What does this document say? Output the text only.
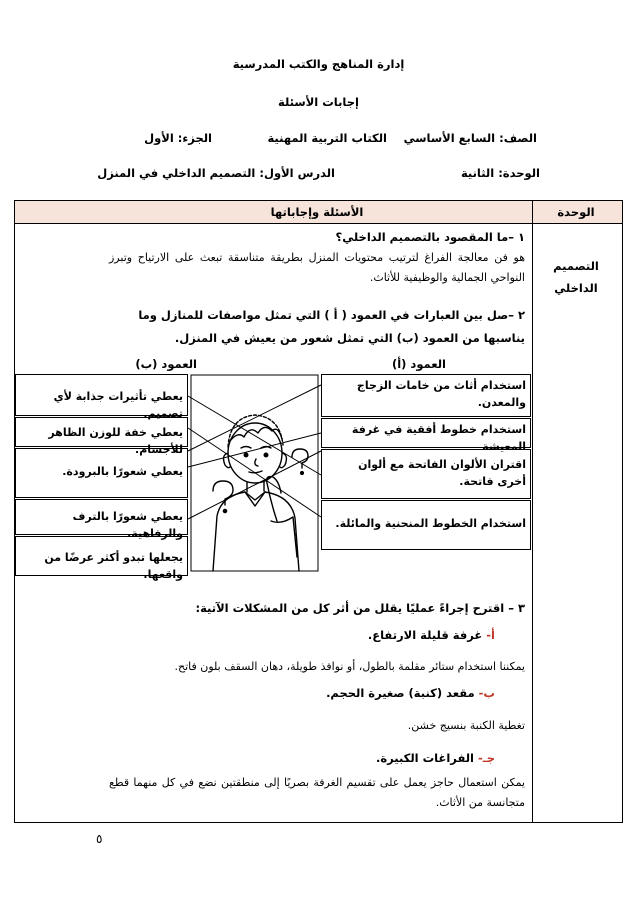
إدارة المناهج والكتب المدرسية
إجابات الأسئلة
الصف: السابع الأساسي
الكتاب التربية المهنية
الجزء: الأول
الوحدة: الثانية
الدرس الأول: التصميم الداخلي في المنزل
الوحدة
الأسئلة وإجاباتها
التصميم الداخلي
١ –ما المقصود بالتصميم الداخلي؟
هو فن معالجة الفراغ لترتيب محتويات المنزل بطريقة متناسقة تبعث على الارتياح وتبرز النواحي الجمالية والوظيفية للأثاث.
٢ –صل بين العبارات في العمود ( أ ) التي تمثل مواصفات للمنازل وما يناسبها من العمود (ب) التي تمثل شعور من يعيش في المنزل.
العمود (أ)
العمود (ب)
استخدام أثاث من خامات الزجاج والمعدن.
استخدام خطوط أفقية في غرفة المعيشة
اقتران الألوان الفاتحة مع ألوان أخرى فاتحة.
استخدام الخطوط المنحنية والمائلة.
يعطي تأثيرات جذابة لأي تصميم.
يعطي خفة للوزن الظاهر للأجسام.
يعطي شعورًا بالبرودة.
يعطي شعورًا بالترف والرفاهية.
يجعلها تبدو أكثر عرضًا من واقعها.
٣ – اقترح إجراءً عمليًا يقلل من أثر كل من المشكلات الآتية:
أ- غرفة قليلة الارتفاع.
يمكننا استخدام ستائر مقلمة بالطول، أو نوافذ طويلة، دهان السقف بلون فاتح.
ب- مقعد (كنبة) صغيرة الحجم.
تغطية الكنبة بنسيج خشن.
جـ- الفراغات الكبيرة.
يمكن استعمال حاجز يعمل على تقسيم الغرفة بصريًا إلى منطقتين نضع في كل منهما قطع متجانسة من الأثاث.
٥
